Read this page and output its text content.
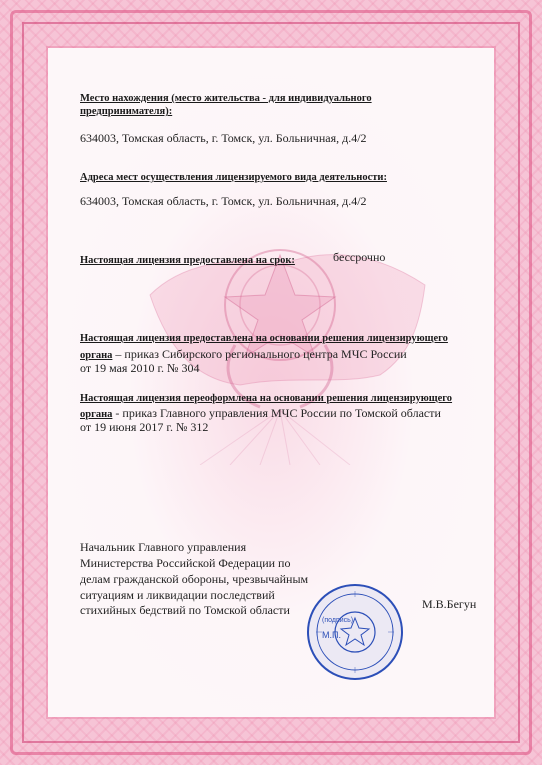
Место нахождения (место жительства - для индивидуального
предпринимателя):
634003, Томская область, г. Томск, ул. Больничная, д.4/2
Адреса мест осуществления лицензируемого вида деятельности:
634003, Томская область, г. Томск, ул. Больничная, д.4/2
Настоящая лицензия предоставлена на срок:	бессрочно
Настоящая лицензия предоставлена на основании решения лицензирующего
органа – приказ Сибирского регионального центра МЧС России
от 19 мая 2010 г. № 304
Настоящая лицензия переоформлена на основании решения лицензирующего
органа - приказ Главного управления МЧС России по Томской области
от 19 июня 2017 г. № 312
Начальник Главного управления
Министерства Российской Федерации по
делам гражданской обороны, чрезвычайным
ситуациям и ликвидации последствий
стихийных бедствий по Томской области	М.В.Бегун
(подпись)
М.П.
